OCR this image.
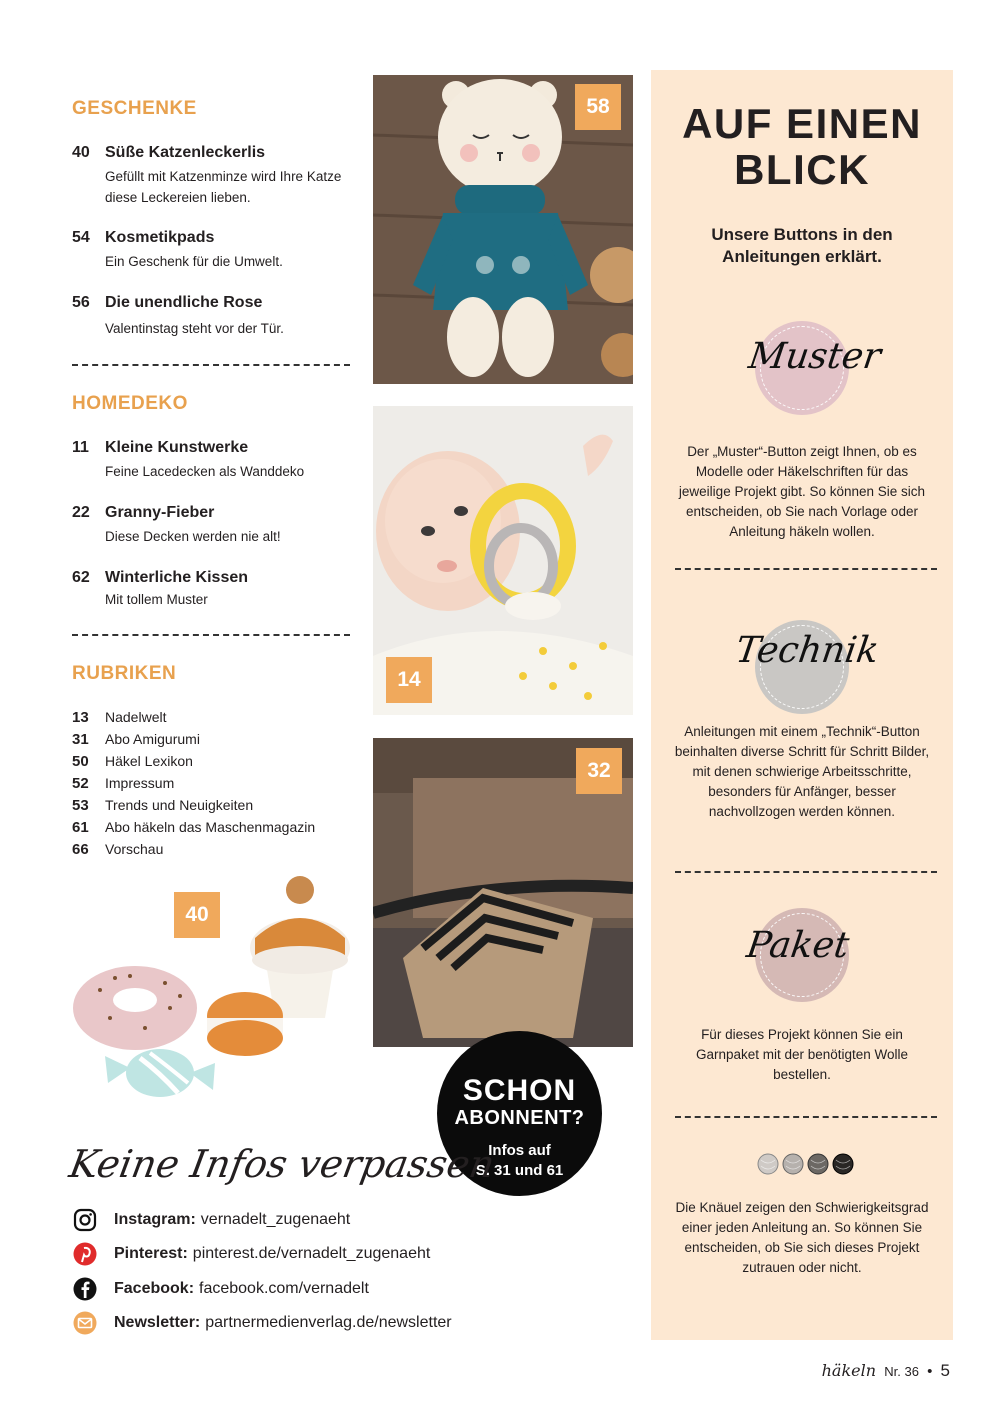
GESCHENKE
40 Süße Katzenleckerlis
Gefüllt mit Katzenminze wird Ihre Katze diese Leckereien lieben.
54 Kosmetikpads
Ein Geschenk für die Umwelt.
56 Die unendliche Rose
Valentinstag steht vor der Tür.
HOMEDEKO
11	Kleine Kunstwerke
Feine Lacedecken als Wanddeko
22 Granny-Fieber
Diese Decken werden nie alt!
62 Winterliche Kissen
Mit tollem Muster
RUBRIKEN
13 Nadelwelt
31 Abo Amigurumi
50 Häkel Lexikon
52 Impressum
53 Trends und Neuigkeiten
61 Abo häkeln das Maschenmagazin
66 Vorschau
40
58
14
32
SCHON
ABONNENT?
Infos auf
S. 31 und 61
AUF EINEN
BLICK
Unsere Buttons in den
Anleitungen erklärt.
Muster
Der „Muster“-Button zeigt Ihnen, ob es Modelle oder Häkelschriften für das jeweilige Projekt gibt. So können Sie sich entscheiden, ob Sie nach Vorlage oder Anleitung häkeln wollen.
Technik
Anleitungen mit einem „Technik“-Button beinhalten diverse Schritt für Schritt Bilder, mit denen schwierige Arbeitsschritte, besonders für Anfänger, besser nachvollzogen werden können.
Paket
Für dieses Projekt können Sie ein Garnpaket mit der benötigten Wolle bestellen.
Die Knäuel zeigen den Schwierigkeitsgrad einer jeden Anleitung an. So können Sie entscheiden, ob Sie sich dieses Projekt zutrauen oder nicht.
Keine Infos verpassen
Instagram: vernadelt_zugenaeht
Pinterest: pinterest.de/vernadelt_zugenaeht
Facebook: facebook.com/vernadelt
Newsletter: partnermedienverlag.de/newsletter
häkeln Nr. 36 • 5
